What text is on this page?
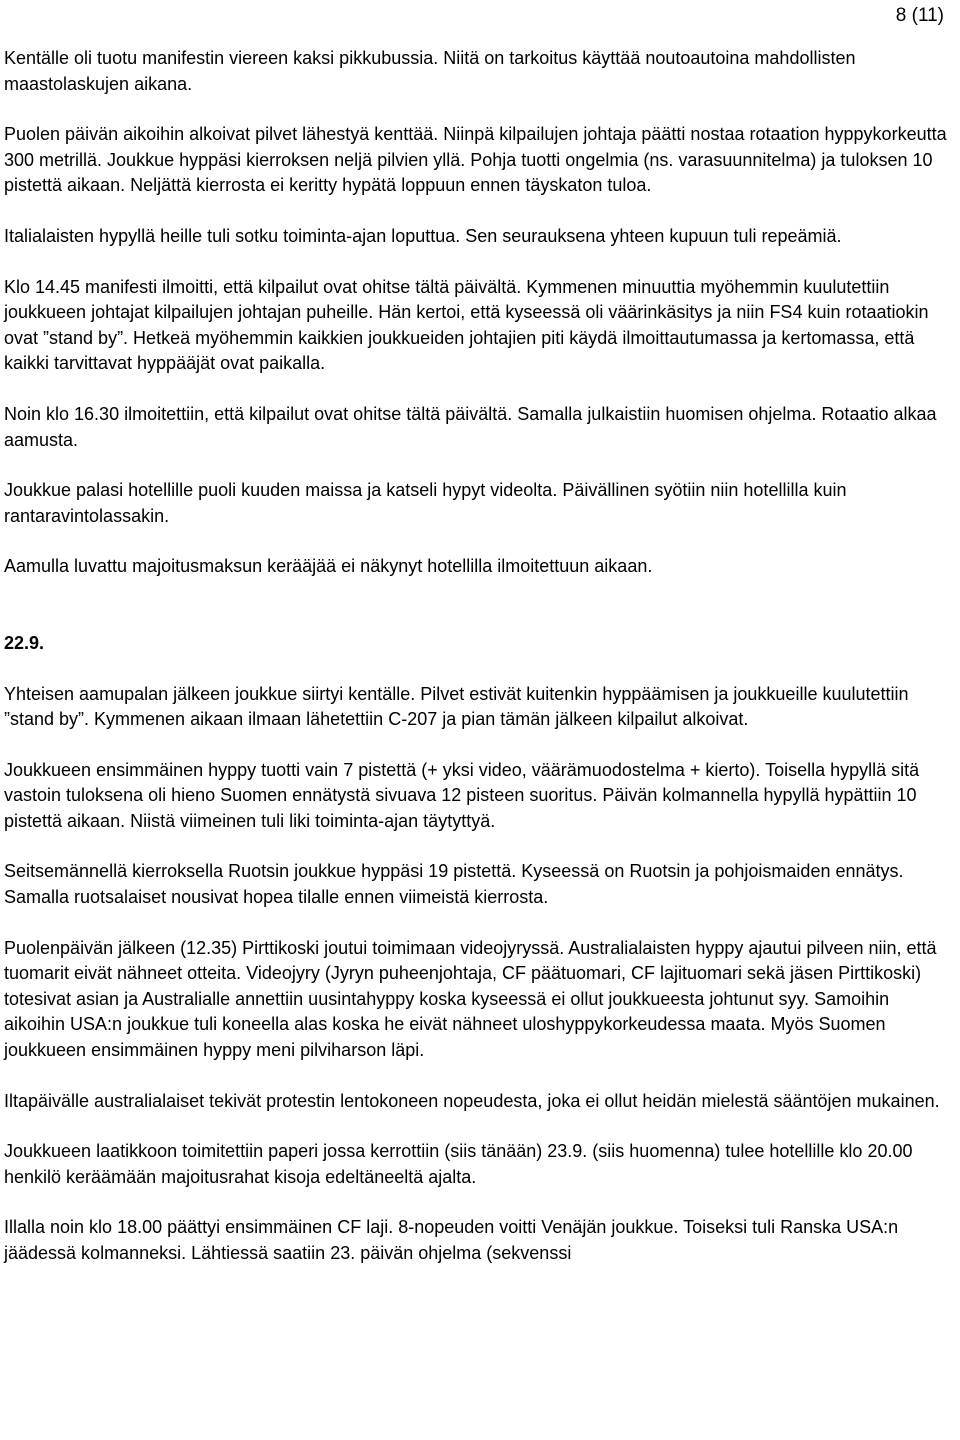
8 (11)

Kentälle oli tuotu manifestin viereen kaksi pikkubussia. Niitä on tarkoitus käyttää noutoautoina mahdollisten maastolaskujen aikana.

Puolen päivän aikoihin alkoivat pilvet lähestyä kenttää. Niinpä kilpailujen johtaja päätti nostaa rotaation hyppykorkeutta 300 metrillä. Joukkue hyppäsi kierroksen neljä pilvien yllä. Pohja tuotti ongelmia (ns. varasuunnitelma) ja tuloksen 10 pistettä aikaan. Neljättä kierrosta ei keritty hypätä loppuun ennen täyskaton tuloa.

Italialaisten hypyllä heille tuli sotku toiminta-ajan loputtua. Sen seurauksena yhteen kupuun tuli repeämiä.

Klo 14.45 manifesti ilmoitti, että kilpailut ovat ohitse tältä päivältä. Kymmenen minuuttia myöhemmin kuulutettiin joukkueen johtajat kilpailujen johtajan puheille. Hän kertoi, että kyseessä oli väärinkäsitys ja niin FS4 kuin rotaatiokin ovat ”stand by”. Hetkeä myöhemmin kaikkien joukkueiden johtajien piti käydä ilmoittautumassa ja kertomassa, että kaikki tarvittavat hyppääjät ovat paikalla.

Noin klo 16.30 ilmoitettiin, että kilpailut ovat ohitse tältä päivältä. Samalla julkaistiin huomisen ohjelma. Rotaatio alkaa aamusta.

Joukkue palasi hotellille puoli kuuden maissa ja katseli hypyt videolta. Päivällinen syötiin niin hotellilla kuin rantaravintolassakin.

Aamulla luvattu majoitusmaksun kerääjää ei näkynyt hotellilla ilmoitettuun aikaan.

22.9.

Yhteisen aamupalan jälkeen joukkue siirtyi kentälle. Pilvet estivät kuitenkin hyppäämisen ja joukkueille kuulutettiin ”stand by”. Kymmenen aikaan ilmaan lähetettiin C-207 ja pian tämän jälkeen kilpailut alkoivat.

Joukkueen ensimmäinen hyppy tuotti vain 7 pistettä (+ yksi video, väärämuodostelma + kierto). Toisella hypyllä sitä vastoin tuloksena oli hieno Suomen ennätystä sivuava 12 pisteen suoritus. Päivän kolmannella hypyllä hypättiin 10 pistettä aikaan. Niistä viimeinen tuli liki toiminta-ajan täytyttyä.

Seitsemännellä kierroksella Ruotsin joukkue hyppäsi 19 pistettä. Kyseessä on Ruotsin ja pohjoismaiden ennätys. Samalla ruotsalaiset nousivat hopea tilalle ennen viimeistä kierrosta.

Puolenpäivän jälkeen (12.35) Pirttikoski joutui toimimaan videojyryssä. Australialaisten hyppy ajautui pilveen niin, että tuomarit eivät nähneet otteita. Videojyry (Jyryn puheenjohtaja, CF päätuomari, CF lajituomari sekä jäsen Pirttikoski) totesivat asian ja Australialle annettiin uusintahyppy koska kyseessä ei ollut joukkueesta johtunut syy. Samoihin aikoihin USA:n joukkue tuli koneella alas koska he eivät nähneet uloshyppykorkeudessa maata. Myös Suomen joukkueen ensimmäinen hyppy meni pilviharson läpi.

Iltapäivälle australialaiset tekivät protestin lentokoneen nopeudesta, joka ei ollut heidän mielestä sääntöjen mukainen.

Joukkueen laatikkoon toimitettiin paperi jossa kerrottiin (siis tänään) 23.9. (siis huomenna) tulee hotellille klo 20.00 henkilö keräämään majoitusrahat kisoja edeltäneeltä ajalta.

Illalla noin klo 18.00 päättyi ensimmäinen CF laji. 8-nopeuden voitti Venäjän joukkue. Toiseksi tuli Ranska USA:n jäädessä kolmanneksi. Lähtiessä saatiin 23. päivän ohjelma (sekvenssi
